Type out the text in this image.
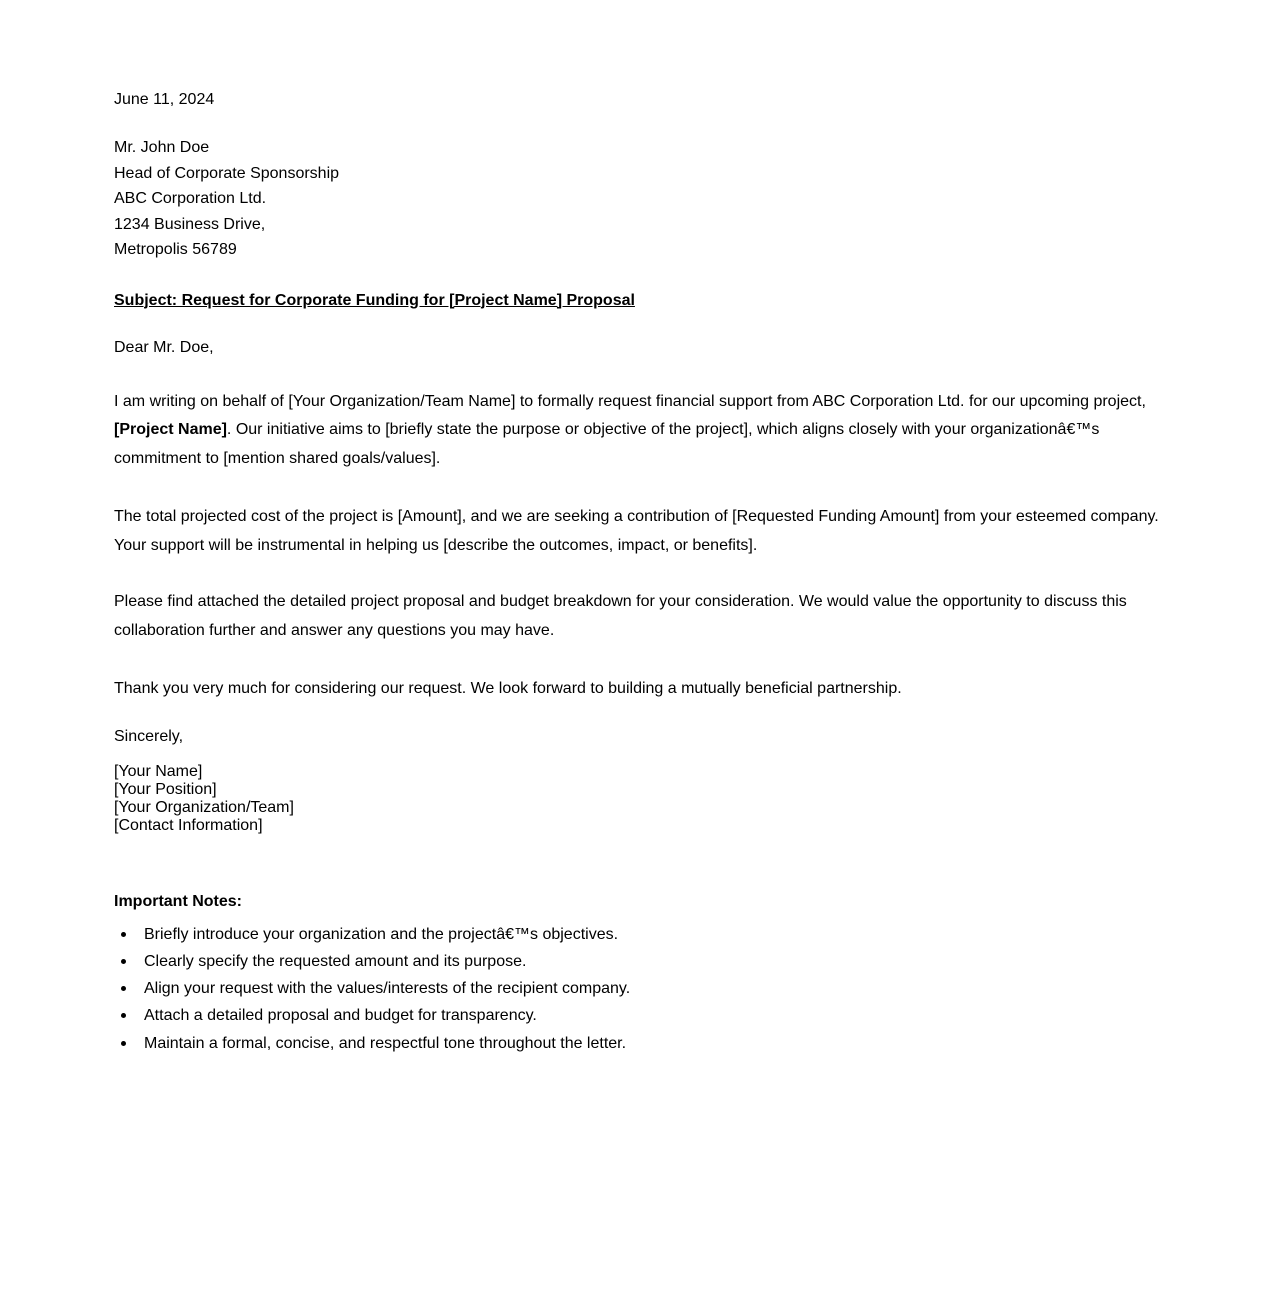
June 11, 2024

Mr. John Doe
Head of Corporate Sponsorship
ABC Corporation Ltd.
1234 Business Drive,
Metropolis 56789

Subject: Request for Corporate Funding for [Project Name] Proposal

Dear Mr. Doe,

I am writing on behalf of [Your Organization/Team Name] to formally request financial support from ABC Corporation Ltd. for our upcoming project, [Project Name]. Our initiative aims to [briefly state the purpose or objective of the project], which aligns closely with your organizationâ€™s commitment to [mention shared goals/values].

The total projected cost of the project is [Amount], and we are seeking a contribution of [Requested Funding Amount] from your esteemed company. Your support will be instrumental in helping us [describe the outcomes, impact, or benefits].

Please find attached the detailed project proposal and budget breakdown for your consideration. We would value the opportunity to discuss this collaboration further and answer any questions you may have.

Thank you very much for considering our request. We look forward to building a mutually beneficial partnership.

Sincerely,

[Your Name]
[Your Position]
[Your Organization/Team]
[Contact Information]

Important Notes:

Briefly introduce your organization and the projectâ€™s objectives.
Clearly specify the requested amount and its purpose.
Align your request with the values/interests of the recipient company.
Attach a detailed proposal and budget for transparency.
Maintain a formal, concise, and respectful tone throughout the letter.
